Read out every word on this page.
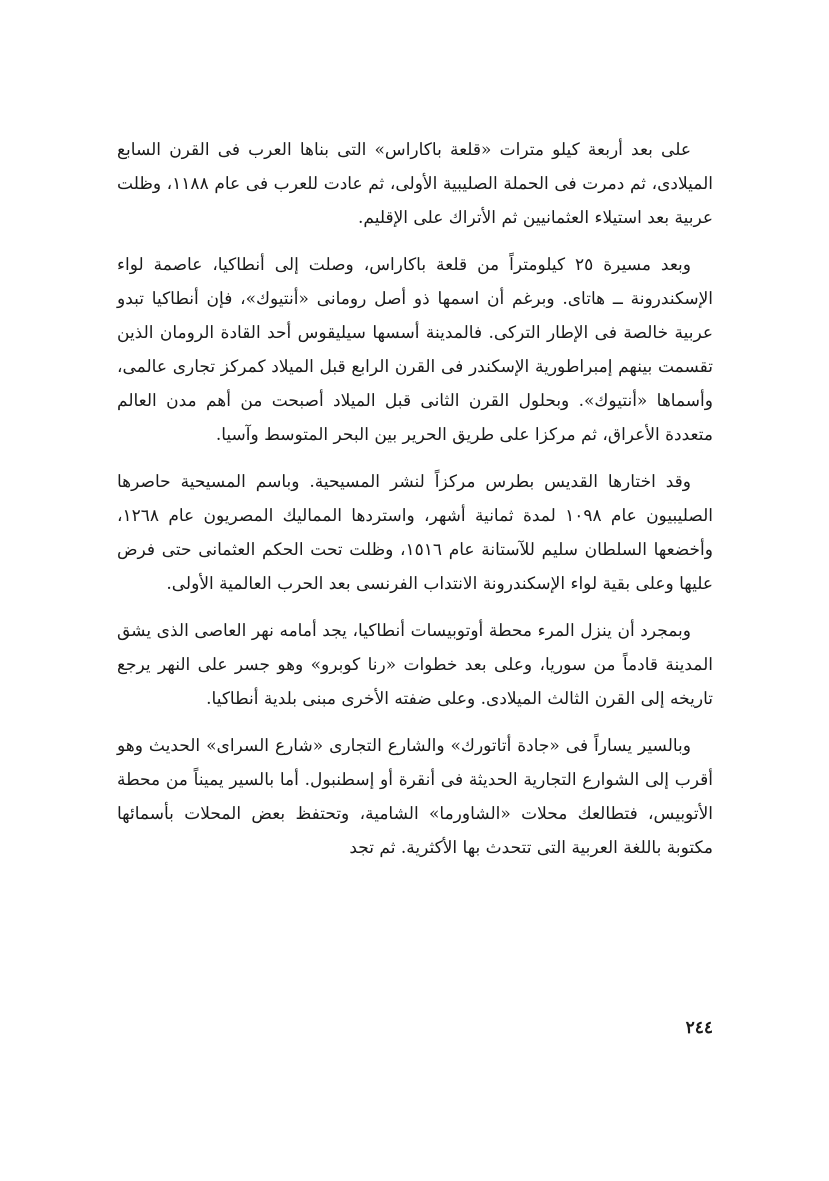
على بعد أربعة كيلو مترات «قلعة باكاراس» التى بناها العرب فى القرن السابع الميلادى، ثم دمرت فى الحملة الصليبية الأولى، ثم عادت للعرب فى عام ١١٨٨، وظلت عربية بعد استيلاء العثمانيين ثم الأتراك على الإقليم.

وبعد مسيرة ٢٥ كيلومتراً من قلعة باكاراس، وصلت إلى أنطاكيا، عاصمة لواء الإسكندرونة ــ هاتاى. وبرغم أن اسمها ذو أصل رومانى «أنتيوك»، فإن أنطاكيا تبدو عربية خالصة فى الإطار التركى. فالمدينة أسسها سيليقوس أحد القادة الرومان الذين تقسمت بينهم إمبراطورية الإسكندر فى القرن الرابع قبل الميلاد كمركز تجارى عالمى، وأسماها «أنتيوك». وبحلول القرن الثانى قبل الميلاد أصبحت من أهم مدن العالم متعددة الأعراق، ثم مركزا على طريق الحرير بين البحر المتوسط وآسيا.

وقد اختارها القديس بطرس مركزاً لنشر المسيحية. وباسم المسيحية حاصرها الصليبيون عام ١٠٩٨ لمدة ثمانية أشهر، واستردها المماليك المصريون عام ١٢٦٨، وأخضعها السلطان سليم للآستانة عام ١٥١٦، وظلت تحت الحكم العثمانى حتى فرض عليها وعلى بقية لواء الإسكندرونة الانتداب الفرنسى بعد الحرب العالمية الأولى.

وبمجرد أن ينزل المرء محطة أوتوبيسات أنطاكيا، يجد أمامه نهر العاصى الذى يشق المدينة قادماً من سوريا، وعلى بعد خطوات «رنا كوبرو» وهو جسر على النهر يرجع تاريخه إلى القرن الثالث الميلادى. وعلى ضفته الأخرى مبنى بلدية أنطاكيا.

وبالسير يساراً فى «جادة أتاتورك» والشارع التجارى «شارع السراى» الحديث وهو أقرب إلى الشوارع التجارية الحديثة فى أنقرة أو إسطنبول. أما بالسير يميناً من محطة الأتوبيس، فتطالعك محلات «الشاورما» الشامية، وتحتفظ بعض المحلات بأسمائها مكتوبة باللغة العربية التى تتحدث بها الأكثرية. ثم تجد

٢٤٤
